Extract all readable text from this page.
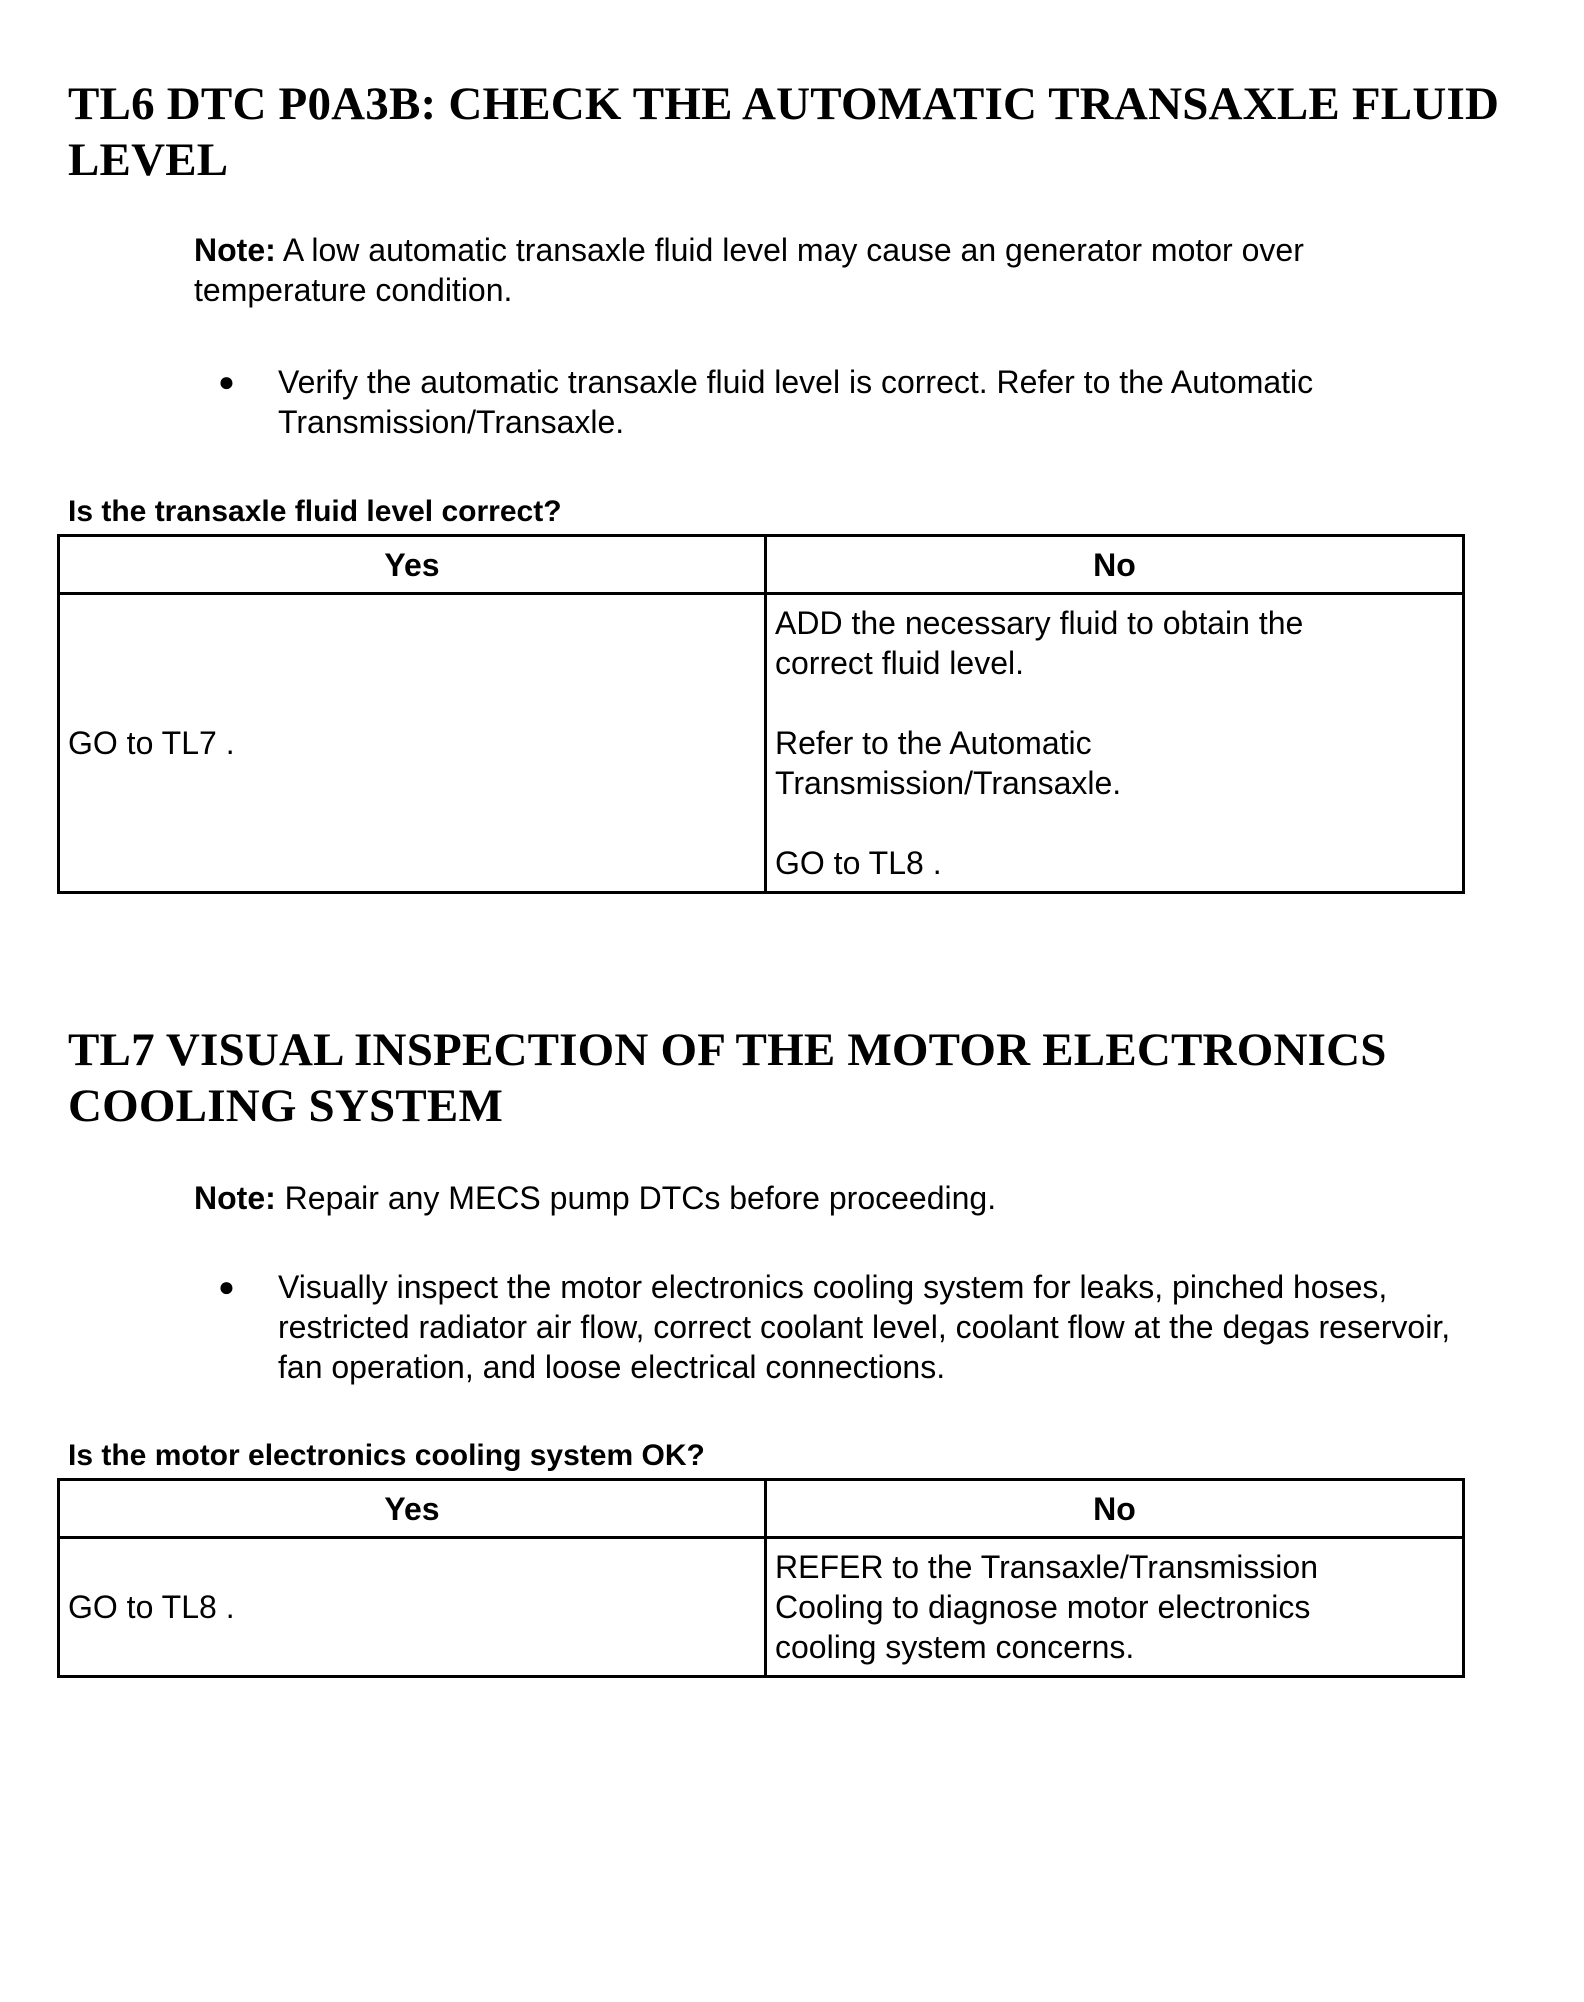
TL6 DTC P0A3B: CHECK THE AUTOMATIC TRANSAXLE FLUID
LEVEL

Note: A low automatic transaxle fluid level may cause an generator motor over
temperature condition.

● Verify the automatic transaxle fluid level is correct. Refer to the Automatic
Transmission/Transaxle.

Is the transaxle fluid level correct?

Yes	No
GO to TL7 .	ADD the necessary fluid to obtain the
correct fluid level.
Refer to the Automatic
Transmission/Transaxle.
GO to TL8 .
TL7 VISUAL INSPECTION OF THE MOTOR ELECTRONICS
COOLING SYSTEM

Note: Repair any MECS pump DTCs before proceeding.

● Visually inspect the motor electronics cooling system for leaks, pinched hoses,
restricted radiator air flow, correct coolant level, coolant flow at the degas reservoir,
fan operation, and loose electrical connections.

Is the motor electronics cooling system OK?

Yes	No
GO to TL8 .	REFER to the Transaxle/Transmission
Cooling to diagnose motor electronics
cooling system concerns.
